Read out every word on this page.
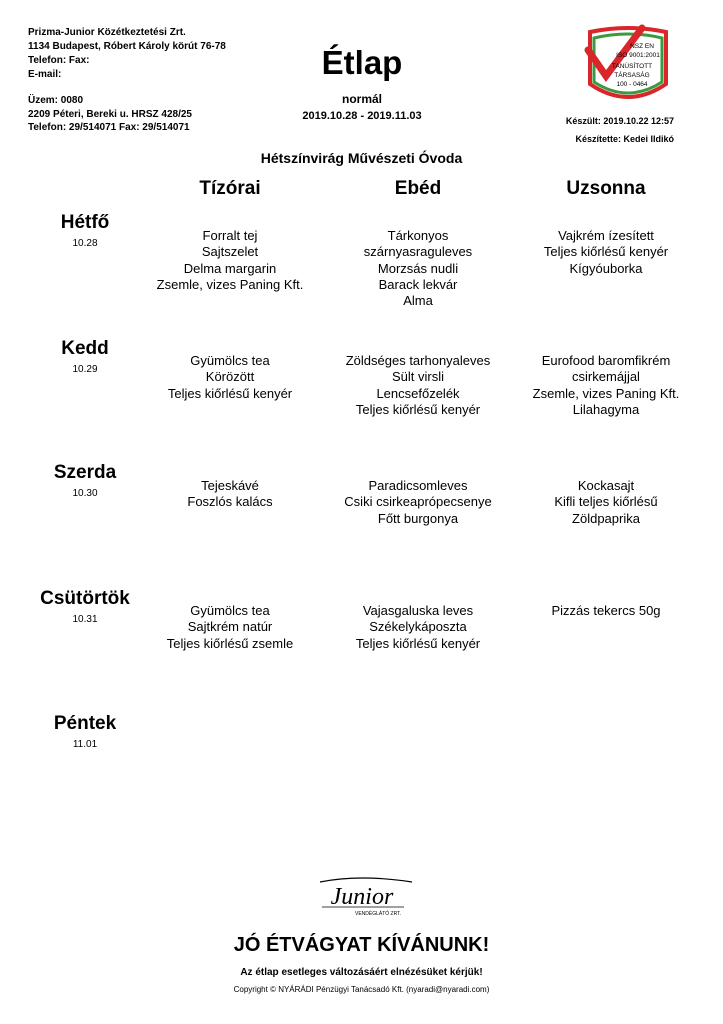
Prizma-Junior Közétkeztetési Zrt.
1134 Budapest, Róbert Károly körút 76-78
Telefon: Fax:
E-mail:
Üzem: 0080
2209 Péteri, Bereki u. HRSZ 428/25
Telefon: 29/514071 Fax: 29/514071
Étlap
normál
2019.10.28 - 2019.11.03
NSZ EN
ISO 9001:2001
TANÚSÍTOTT
TÁRSASÁG
100 - 0464
Készült: 2019.10.22 12:57
Készítette: Kedei Ildikó
Hétszínvirág Művészeti Óvoda
Tízórai	Ebéd	Uzsonna
Hétfő
10.28
Forralt tej
Sajtszelet
Delma margarin
Zsemle, vizes Paning Kft.
Tárkonyos
szárnyasraguleves
Morzsás nudli
Barack lekvár
Alma
Vajkrém ízesített
Teljes kiőrlésű kenyér
Kígyóuborka
Kedd
10.29
Gyümölcs tea
Körözött
Teljes kiőrlésű kenyér
Zöldséges tarhonyaleves
Sült virsli
Lencsefőzelék
Teljes kiőrlésű kenyér
Eurofood baromfikrém
csirkemájjal
Zsemle, vizes Paning Kft.
Lilahagyma
Szerda
10.30
Tejeskávé
Foszlós kalács
Paradicsomleves
Csiki csirkeaprópecsenye
Főtt burgonya
Kockasajt
Kifli teljes kiőrlésű
Zöldpaprika
Csütörtök
10.31
Gyümölcs tea
Sajtkrém natúr
Teljes kiőrlésű zsemle
Vajasgaluska leves
Székelykáposzta
Teljes kiőrlésű kenyér
Pizzás tekercs 50g
Péntek
11.01
Junior
VENDÉGLÁTÓ ZRT.
JÓ ÉTVÁGYAT KÍVÁNUNK!
Az étlap esetleges változásáért elnézésüket kérjük!
Copyright © NYÁRÁDI Pénzügyi Tanácsadó Kft. (nyaradi@nyaradi.com)
